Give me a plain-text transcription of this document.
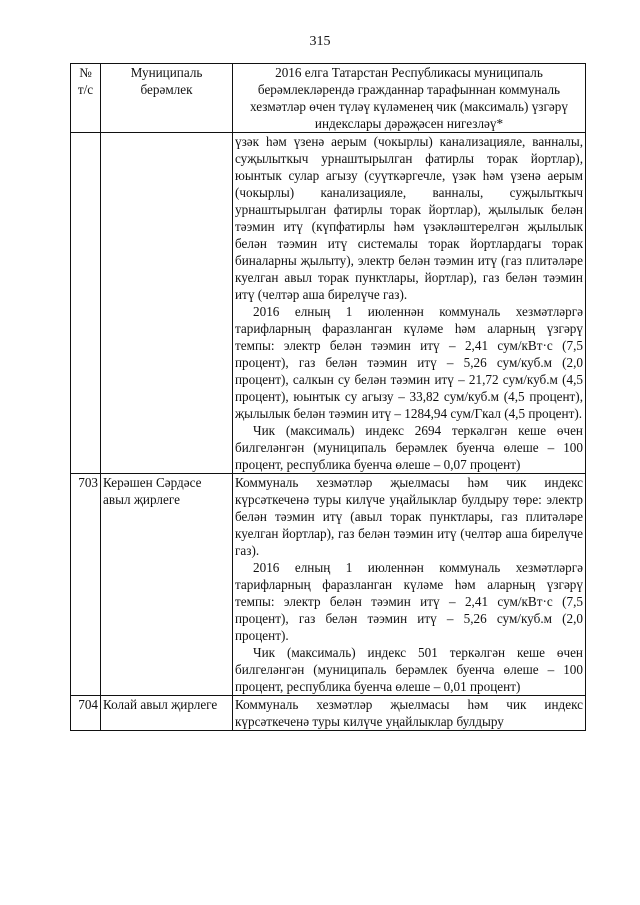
315
№ т/с	Муниципаль берәмлек	2016 елга Татарстан Республикасы муниципаль берәмлекләрендә гражданнар тарафыннан коммуналь хезмәтләр өчен түләү күләменең чик (максималь) үзгәрү индекслары дәрәҗәсен нигезләү*

		үзәк һәм үзенә аерым (чокырлы) канализацияле, ванналы, суҗылыткыч урнаштырылган фатирлы торак йортлар), юынтык сулар агызу (суүткәргечле, үзәк һәм үзенә аерым (чокырлы) канализацияле, ванналы, суҗылыткыч урнаштырылган фатирлы торак йортлар), җылылык белән тәэмин итү (күпфатирлы һәм үзәкләштерелгән җылылык белән тәэмин итү системалы торак йортлардагы торак биналарны җылыту), электр белән тәэмин итү (газ плитәләре куелган авыл торак пунктлары, йортлар), газ белән тәэмин итү (челтәр аша бирелүче газ).

2016 елның 1 июленнән коммуналь хезмәтләргә тарифларның фаразланган күләме һәм аларның үзгәрү темпы: электр белән тәэмин итү – 2,41 сум/кВт·с (7,5 процент), газ белән тәэмин итү – 5,26 сум/куб.м (2,0 процент), салкын су белән тәэмин итү – 21,72 сум/куб.м (4,5 процент), юынтык су агызу – 33,82 сум/куб.м (4,5 процент), җылылык белән тәэмин итү – 1284,94 сум/Гкал (4,5 процент).

Чик (максималь) индекс 2694 теркәлгән кеше өчен билгеләнгән (муниципаль берәмлек буенча өлеше – 100 процент, республика буенча өлеше – 0,07 процент)

703	Керәшен Сәрдәсе авыл җирлеге	Коммуналь хезмәтләр җыелмасы һәм чик индекс күрсәткеченә туры килүче уңайлыклар булдыру төре: электр белән тәэмин итү (авыл торак пунктлары, газ плитәләре куелган йортлар), газ белән тәэмин итү (челтәр аша бирелүче газ).

2016 елның 1 июленнән коммуналь хезмәтләргә тарифларның фаразланган күләме һәм аларның үзгәрү темпы: электр белән тәэмин итү – 2,41 сум/кВт·с (7,5 процент), газ белән тәэмин итү – 5,26 сум/куб.м (2,0 процент).

Чик (максималь) индекс 501 теркәлгән кеше өчен билгеләнгән (муниципаль берәмлек буенча өлеше – 100 процент, республика буенча өлеше – 0,01 процент)

704	Колай авыл җирлеге	Коммуналь хезмәтләр җыелмасы һәм чик индекс күрсәткеченә туры килүче уңайлыклар булдыру
